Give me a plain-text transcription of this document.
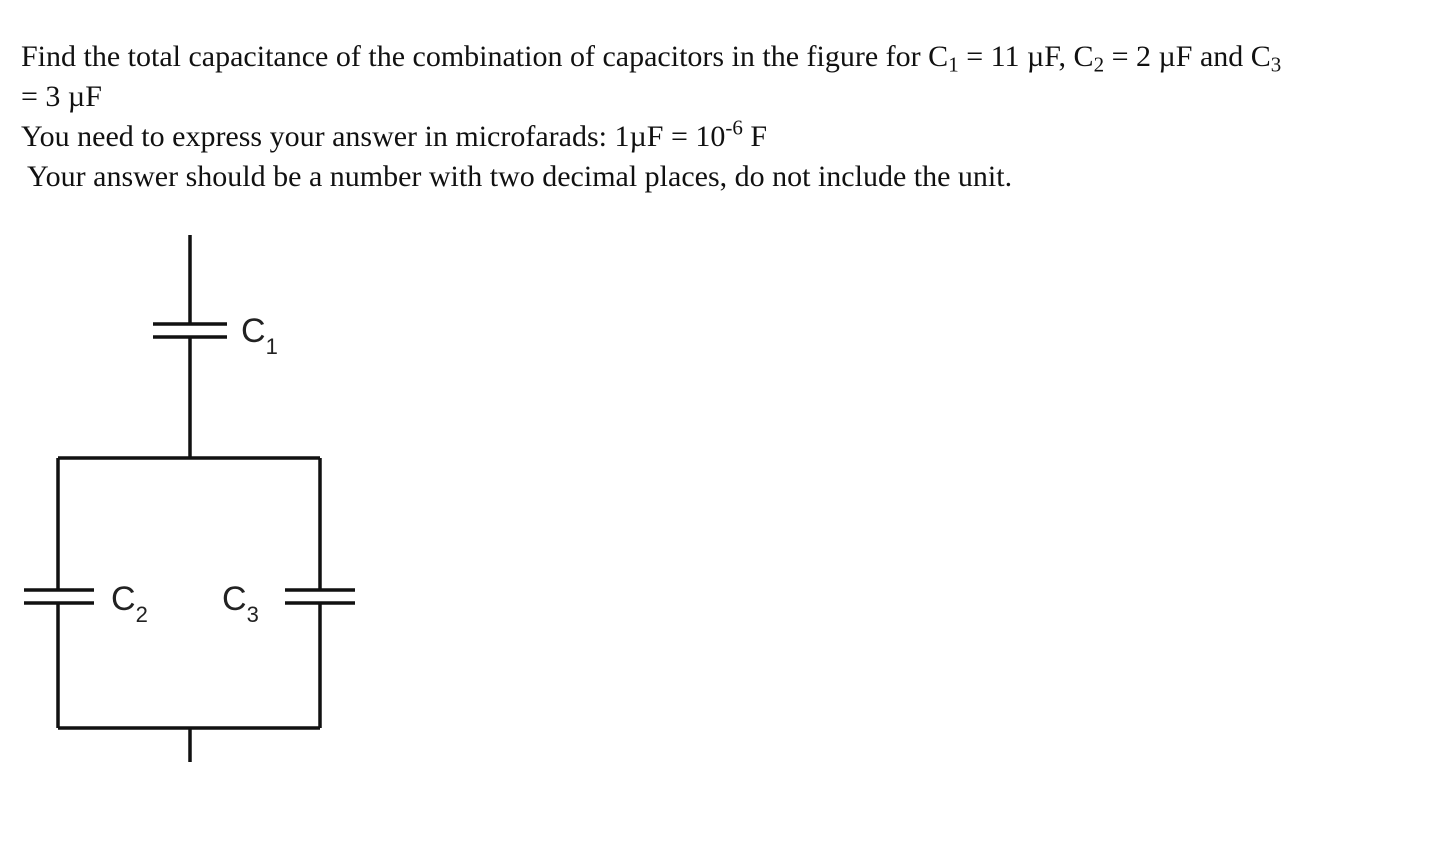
Find the total capacitance of the combination of capacitors in the figure for $C_1 = 11$ µF, $C_2 = 2$ µF and $C_3$

= 3 µF

You need to express your answer in microfarads: $1\mu F = 10^{-6}$ F

Your answer should be a number with two decimal places, do not include the unit.

C1
C2 C3
